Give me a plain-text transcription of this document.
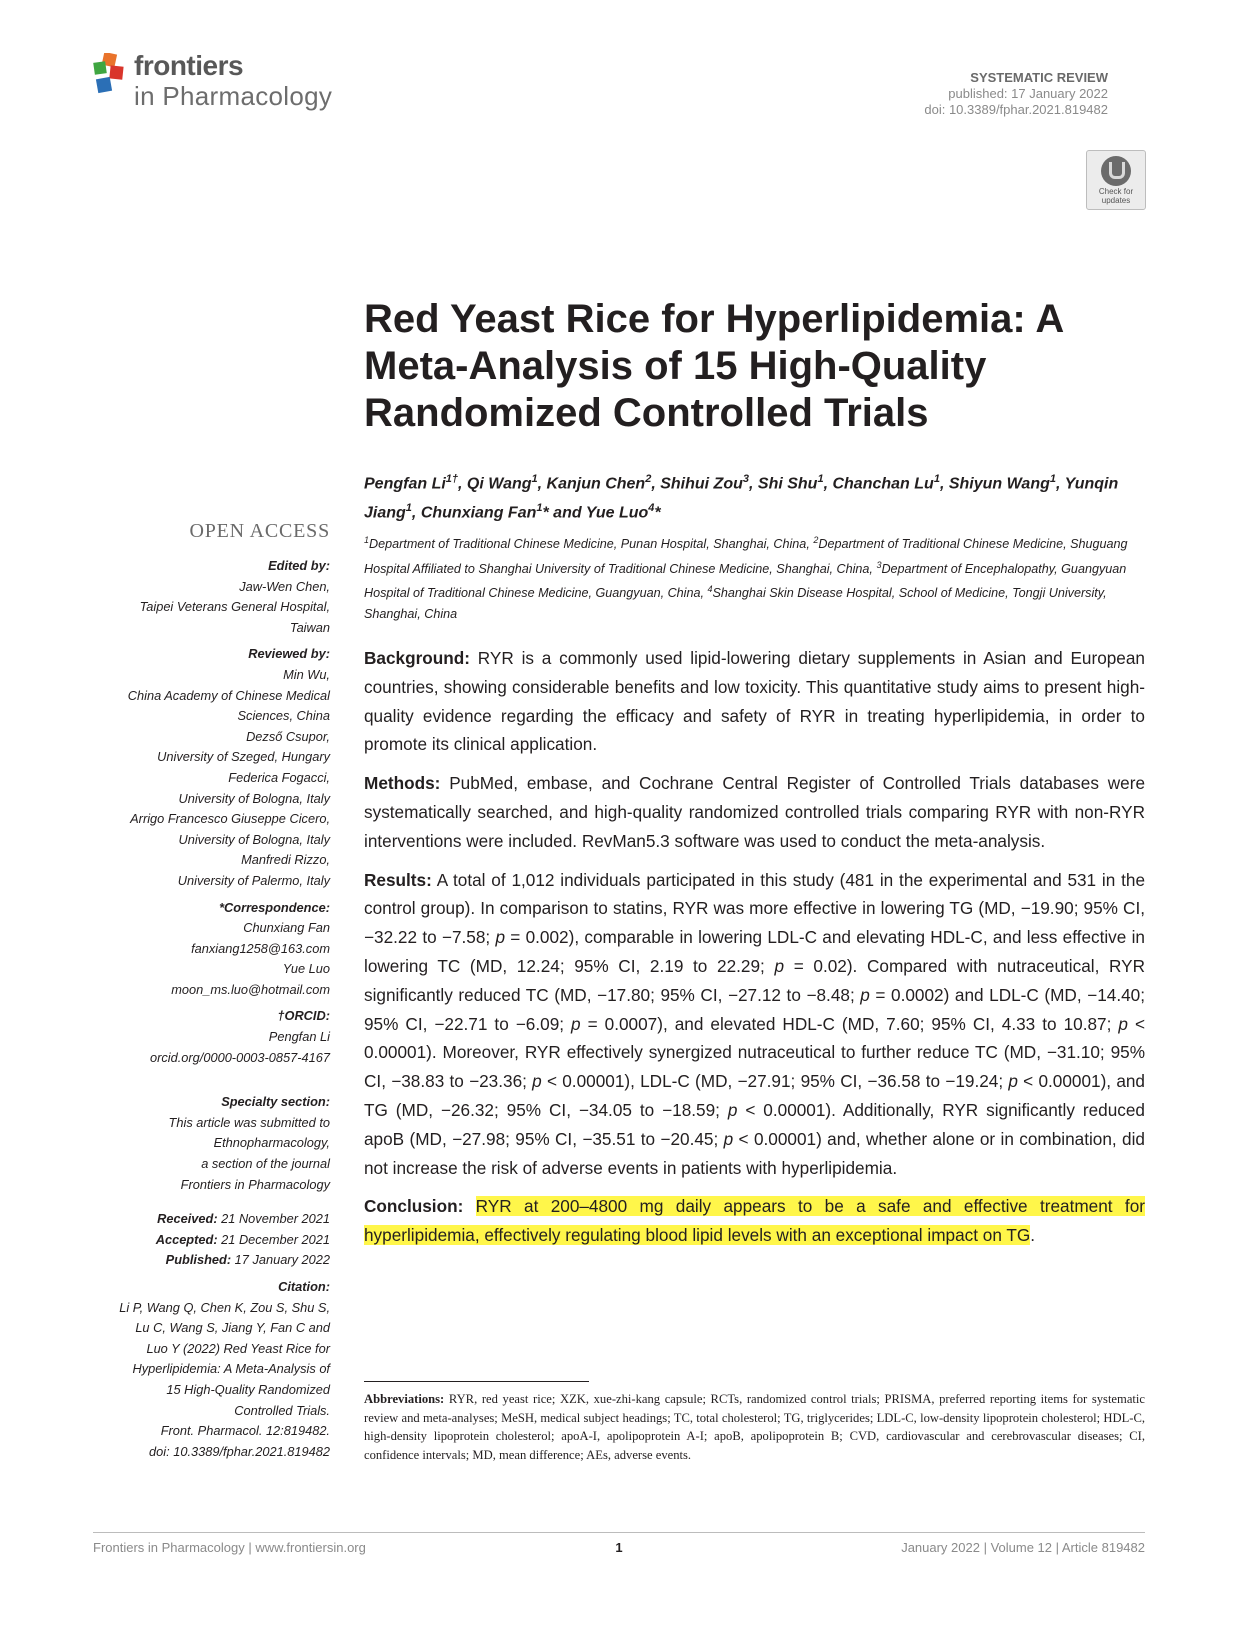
frontiers
in Pharmacology
SYSTEMATIC REVIEW
published: 17 January 2022
doi: 10.3389/fphar.2021.819482
Check for updates
Red Yeast Rice for Hyperlipidemia: A Meta-Analysis of 15 High-Quality Randomized Controlled Trials
Pengfan $Li^{1\dagger}$, Qi Wang$^1$, Kanjun Chen$^2$, Shihui Zou$^3$, Shi Shu$^1$, Chanchan Lu$^1$, Shiyun Wang$^1$, Yunqin Jiang$^1$, Chunxiang Fan$^1$* and Yue Luo$^4$*
$^1$Department of Traditional Chinese Medicine, Punan Hospital, Shanghai, China, $^2$Department of Traditional Chinese Medicine, Shuguang Hospital Affiliated to Shanghai University of Traditional Chinese Medicine, Shanghai, China, $^3$Department of Encephalopathy, Guangyuan Hospital of Traditional Chinese Medicine, Guangyuan, China, $^4$Shanghai Skin Disease Hospital, School of Medicine, Tongji University, Shanghai, China

Background: RYR is a commonly used lipid-lowering dietary supplements in Asian and European countries, showing considerable benefits and low toxicity. This quantitative study aims to present high-quality evidence regarding the efficacy and safety of RYR in treating hyperlipidemia, in order to promote its clinical application.

Methods: PubMed, embase, and Cochrane Central Register of Controlled Trials databases were systematically searched, and high-quality randomized controlled trials comparing RYR with non-RYR interventions were included. RevMan5.3 software was used to conduct the meta-analysis.

Results: A total of 1,012 individuals participated in this study (481 in the experimental and 531 in the control group). In comparison to statins, RYR was more effective in lowering TG (MD, −19.90; 95% CI, −32.22 to −7.58; p = 0.002), comparable in lowering LDL-C and elevating HDL-C, and less effective in lowering TC (MD, 12.24; 95% CI, 2.19 to 22.29; p = 0.02). Compared with nutraceutical, RYR significantly reduced TC (MD, −17.80; 95% CI, −27.12 to −8.48; p = 0.0002) and LDL-C (MD, −14.40; 95% CI, −22.71 to −6.09; p = 0.0007), and elevated HDL-C (MD, 7.60; 95% CI, 4.33 to 10.87; p < 0.00001). Moreover, RYR effectively synergized nutraceutical to further reduce TC (MD, −31.10; 95% CI, −38.83 to −23.36; p < 0.00001), LDL-C (MD, −27.91; 95% CI, −36.58 to −19.24; p < 0.00001), and TG (MD, −26.32; 95% CI, −34.05 to −18.59; p < 0.00001). Additionally, RYR significantly reduced apoB (MD, −27.98; 95% CI, −35.51 to −20.45; p < 0.00001) and, whether alone or in combination, did not increase the risk of adverse events in patients with hyperlipidemia.

Conclusion: RYR at 200–4800 mg daily appears to be a safe and effective treatment for hyperlipidemia, effectively regulating blood lipid levels with an exceptional impact on TG.

Abbreviations: RYR, red yeast rice; XZK, xue-zhi-kang capsule; RCTs, randomized control trials; PRISMA, preferred reporting items for systematic review and meta-analyses; MeSH, medical subject headings; TC, total cholesterol; TG, triglycerides; LDL-C, low-density lipoprotein cholesterol; HDL-C, high-density lipoprotein cholesterol; apoA-I, apolipoprotein A-I; apoB, apolipoprotein B; CVD, cardiovascular and cerebrovascular diseases; CI, confidence intervals; MD, mean difference; AEs, adverse events.
OPEN ACCESS
Edited by:
Jaw-Wen Chen,
Taipei Veterans General Hospital,
Taiwan
Reviewed by:
Min Wu,
China Academy of Chinese Medical
Sciences, China
Dezső Csupor,
University of Szeged, Hungary
Federica Fogacci,
University of Bologna, Italy
Arrigo Francesco Giuseppe Cicero,
University of Bologna, Italy
Manfredi Rizzo,
University of Palermo, Italy
*Correspondence:
Chunxiang Fan
fanxiang1258@163.com
Yue Luo
moon_ms.luo@hotmail.com
†ORCID:
Pengfan Li
orcid.org/0000-0003-0857-4167
Specialty section:
This article was submitted to
Ethnopharmacology,
a section of the journal
Frontiers in Pharmacology
Received: 21 November 2021
Accepted: 21 December 2021
Published: 17 January 2022
Citation:
Li P, Wang Q, Chen K, Zou S, Shu S,
Lu C, Wang S, Jiang Y, Fan C and
Luo Y (2022) Red Yeast Rice for
Hyperlipidemia: A Meta-Analysis of
15 High-Quality Randomized
Controlled Trials.
Front. Pharmacol. 12:819482.
doi: 10.3389/fphar.2021.819482
Frontiers in Pharmacology | www.frontiersin.org	1	January 2022 | Volume 12 | Article 819482
